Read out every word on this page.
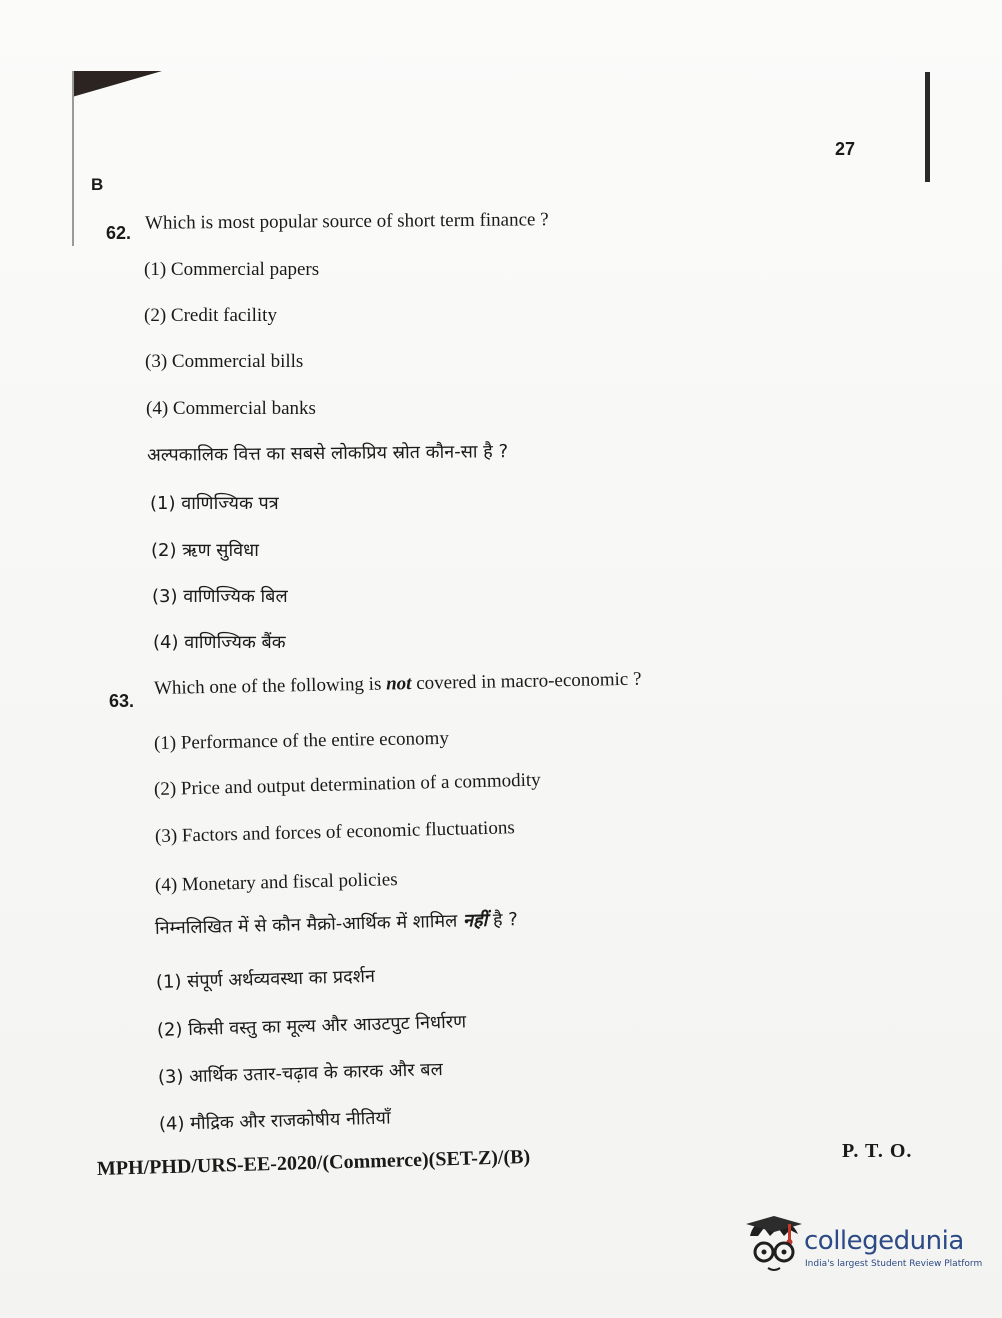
27
B
62. Which is most popular source of short term finance ?
(1) Commercial papers
(2) Credit facility
(3) Commercial bills
(4) Commercial banks
अल्पकालिक वित्त का सबसे लोकप्रिय स्रोत कौन-सा है ?
(1) वाणिज्यिक पत्र
(2) ऋण सुविधा
(3) वाणिज्यिक बिल
(4) वाणिज्यिक बैंक
63.
Which one of the following is not covered in macro-economic ?
(1) Performance of the entire economy
(2) Price and output determination of a commodity
(3) Factors and forces of economic fluctuations
(4) Monetary and fiscal policies
निम्नलिखित में से कौन मैक्रो-आर्थिक में शामिल नहीं है ?
(1) संपूर्ण अर्थव्यवस्था का प्रदर्शन
(2) किसी वस्तु का मूल्य और आउटपुट निर्धारण
(3) आर्थिक उतार-चढ़ाव के कारक और बल
(4) मौद्रिक और राजकोषीय नीतियाँ
MPH/PHD/URS-EE-2020/(Commerce)(SET-Z)/(B)	P. T. O.
collegedunia
India's largest Student Review Platform
